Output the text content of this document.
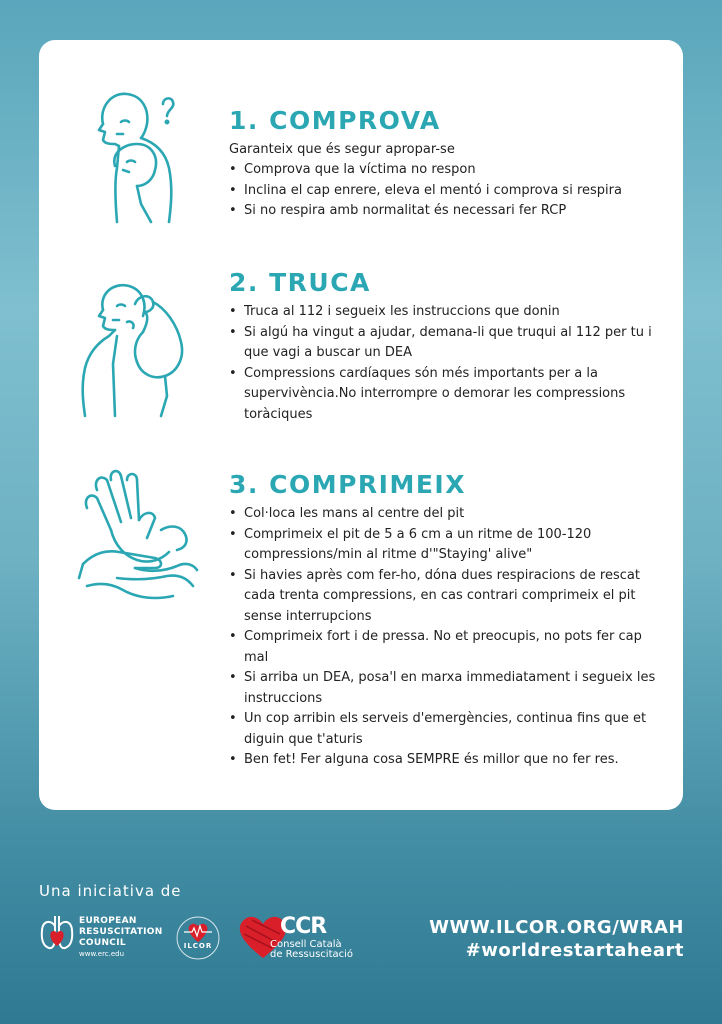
1. COMPROVA

Garanteix que és segur apropar-se

• Comprova que la víctima no respon
• Inclina el cap enrere, eleva el mentó i comprova si respira
• Si no respira amb normalitat és necessari fer RCP
2. TRUCA
• Truca al 112 i segueix les instruccions que donin
• Si algú ha vingut a ajudar, demana-li que truqui al 112 per tu i que vagi a buscar un DEA
• Compressions cardíaques són més importants per a la supervivència.No interrompre o demorar les compressions toràciques
3. COMPRIMEIX
• Col·loca les mans al centre del pit
• Comprimeix el pit de 5 a 6 cm a un ritme de 100-120 compressions/min al ritme d'"Staying' alive"
• Si havies après com fer-ho, dóna dues respiracions de rescat cada trenta compressions, en cas contrari comprimeix el pit sense interrupcions
• Comprimeix fort i de pressa. No et preocupis, no pots fer cap mal
• Si arriba un DEA, posa'l en marxa immediatament i segueix les instruccions
• Un cop arribin els serveis d'emergències, continua fins que et diguin que t'aturis
• Ben fet! Fer alguna cosa SEMPRE és millor que no fer res.
Una iniciativa de
EUROPEAN RESUSCITATION COUNCIL
www.erc.edu
ILCOR
CCR
Consell Català
de Ressuscitació
WWW.ILCOR.ORG/WRAH
#worldrestartaheart
